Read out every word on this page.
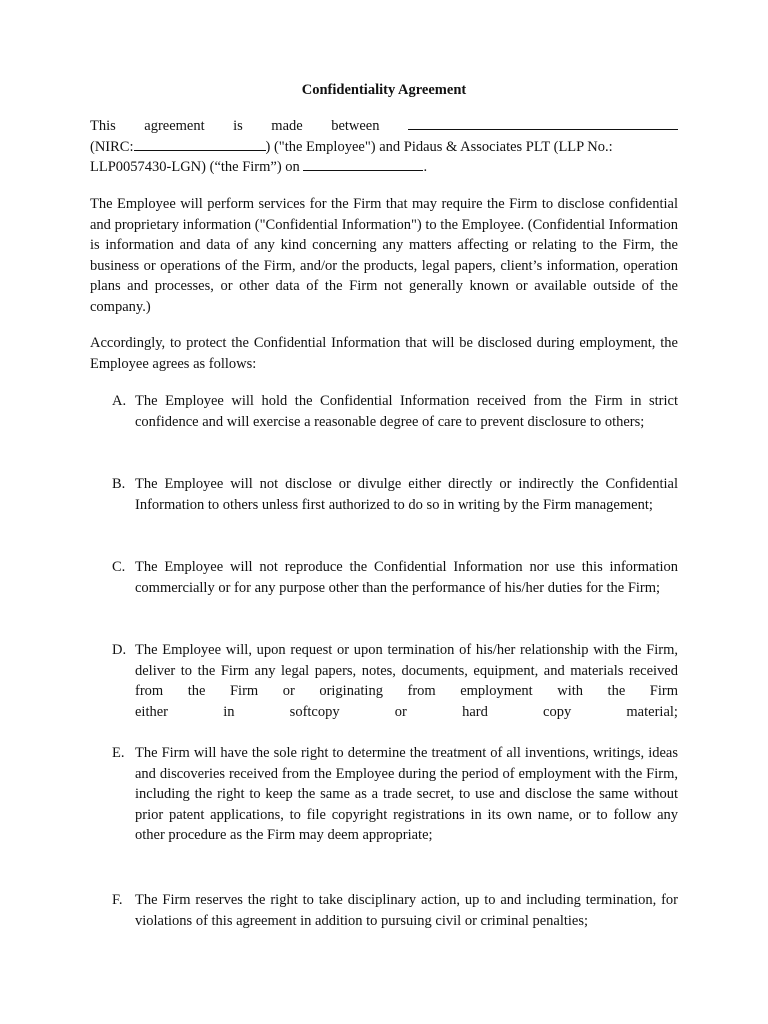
Confidentiality Agreement
This agreement is made between
(NIRC:	) ("the Employee") and Pidaus & Associates PLT (LLP No.:
LLP0057430-LGN) (“the Firm”) on	.

The Employee will perform services for the Firm that may require the Firm to disclose confidential and proprietary information ("Confidential Information") to the Employee. (Confidential Information is information and data of any kind concerning any matters affecting or relating to the Firm, the business or operations of the Firm, and/or the products, legal papers, client’s information, operation plans and processes, or other data of the Firm not generally known or available outside of the company.)

Accordingly, to protect the Confidential Information that will be disclosed during employment, the Employee agrees as follows:

A. The Employee will hold the Confidential Information received from the Firm in strict confidence and will exercise a reasonable degree of care to prevent disclosure to others;
B. The Employee will not disclose or divulge either directly or indirectly the Confidential Information to others unless first authorized to do so in writing by the Firm management;
C. The Employee will not reproduce the Confidential Information nor use this information commercially or for any purpose other than the performance of his/her duties for the Firm;
D. The Employee will, upon request or upon termination of his/her relationship with the Firm, deliver to the Firm any legal papers, notes, documents, equipment, and materials received from the Firm or originating from employment with the Firm
either	in	softcopy	or	hard	copy	material;
E. The Firm will have the sole right to determine the treatment of all inventions, writings, ideas and discoveries received from the Employee during the period of employment with the Firm, including the right to keep the same as a trade secret, to use and disclose the same without prior patent applications, to file copyright registrations in its own name, or to follow any other procedure as the Firm may deem appropriate;
F. The Firm reserves the right to take disciplinary action, up to and including termination, for violations of this agreement in addition to pursuing civil or criminal penalties;
